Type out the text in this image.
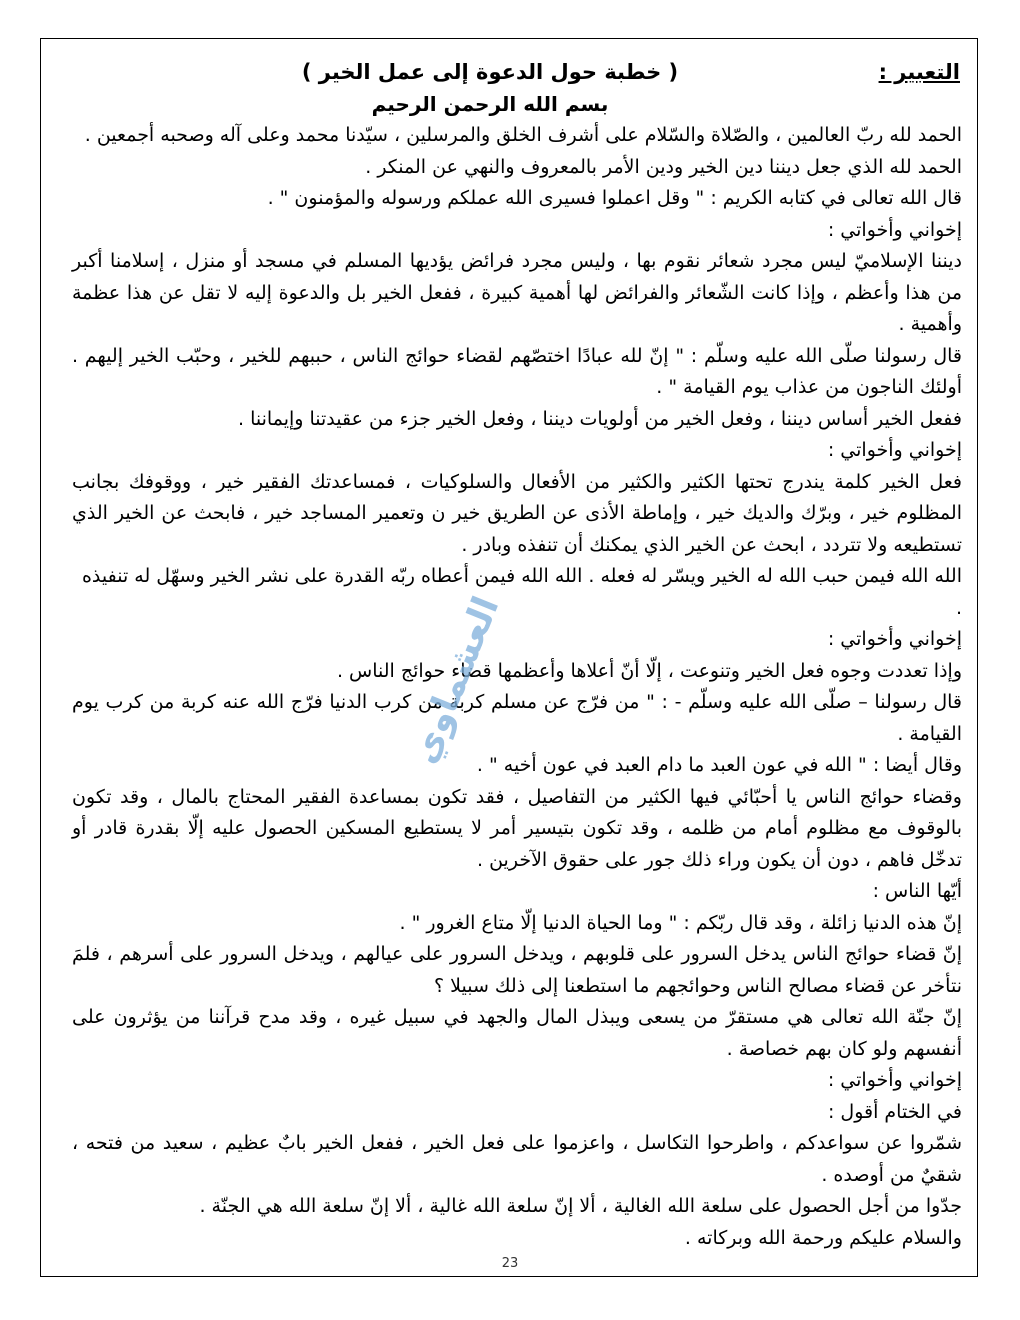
التعبير :
( خطبة حول الدعوة إلى عمل الخير )
بسم الله الرحمن الرحيم

الحمد لله ربّ العالمين ، والصّلاة والسّلام على أشرف الخلق والمرسلين ، سيّدنا محمد وعلى آله وصحبه أجمعين .

الحمد لله الذي جعل ديننا دين الخير ودين الأمر بالمعروف والنهي عن المنكر .

قال الله تعالى في كتابه الكريم : " وقل اعملوا فسيرى الله عملكم ورسوله والمؤمنون " .

إخواني وأخواتي :

ديننا الإسلاميّ ليس مجرد شعائر نقوم بها ، وليس مجرد فرائض يؤديها المسلم في مسجد أو منزل ، إسلامنا أكبر من هذا وأعظم ، وإذا كانت الشّعائر والفرائض لها أهمية كبيرة ، ففعل الخير بل والدعوة إليه لا تقل عن هذا عظمة وأهمية .

قال رسولنا صلّى الله عليه وسلّم : " إنّ لله عبادًا اختصّهم لقضاء حوائج الناس ، حببهم للخير ، وحبّب الخير إليهم . أولئك الناجون من عذاب يوم القيامة " .

ففعل الخير أساس ديننا ، وفعل الخير من أولويات ديننا ، وفعل الخير جزء من عقيدتنا وإيماننا .

إخواني وأخواتي :

فعل الخير كلمة يندرج تحتها الكثير والكثير من الأفعال والسلوكيات ، فمساعدتك الفقير خير ، ووقوفك بجانب المظلوم خير ، وبرّك والديك خير ، وإماطة الأذى عن الطريق خير ن وتعمير المساجد خير ، فابحث عن الخير الذي تستطيعه ولا تتردد ، ابحث عن الخير الذي يمكنك أن تنفذه وبادر .

الله الله فيمن حبب الله له الخير ويسّر له فعله . الله الله فيمن أعطاه ربّه القدرة على نشر الخير وسهّل له تنفيذه .

إخواني وأخواتي :

وإذا تعددت وجوه فعل الخير وتنوعت ، إلّا أنّ أعلاها وأعظمها قضاء حوائج الناس .

قال رسولنا – صلّى الله عليه وسلّم - : " من فرّج عن مسلم كربة من كرب الدنيا فرّج الله عنه كربة من كرب يوم القيامة .

وقال أيضا : " الله في عون العبد ما دام العبد في عون أخيه " .

وقضاء حوائج الناس يا أحبّائي فيها الكثير من التفاصيل ، فقد تكون بمساعدة الفقير المحتاج بالمال ، وقد تكون بالوقوف مع مظلوم أمام من ظلمه ، وقد تكون بتيسير أمر لا يستطيع المسكين الحصول عليه إلّا بقدرة قادر أو تدخّل فاهم ، دون أن يكون وراء ذلك جور على حقوق الآخرين .

أيّها الناس :

إنّ هذه الدنيا زائلة ، وقد قال ربّكم : " وما الحياة الدنيا إلّا متاع الغرور " .

إنّ قضاء حوائج الناس يدخل السرور على قلوبهم ، ويدخل السرور على عيالهم ، ويدخل السرور على أسرهم ، فلمَ نتأخر عن قضاء مصالح الناس وحوائجهم ما استطعنا إلى ذلك سبيلا ؟

إنّ جنّة الله تعالى هي مستقرّ من يسعى ويبذل المال والجهد في سبيل غيره ، وقد مدح قرآننا من يؤثرون على أنفسهم ولو كان بهم خصاصة .

إخواني وأخواتي :

في الختام أقول :

شمّروا عن سواعدكم ، واطرحوا التكاسل ، واعزموا على فعل الخير ، ففعل الخير بابٌ عظيم ، سعيد من فتحه ، شقيٌ من أوصده .

جدّوا من أجل الحصول على سلعة الله الغالية ، ألا إنّ سلعة الله غالية ، ألا إنّ سلعة الله هي الجنّة .

والسلام عليكم ورحمة الله وبركاته .

العشماوي
23
